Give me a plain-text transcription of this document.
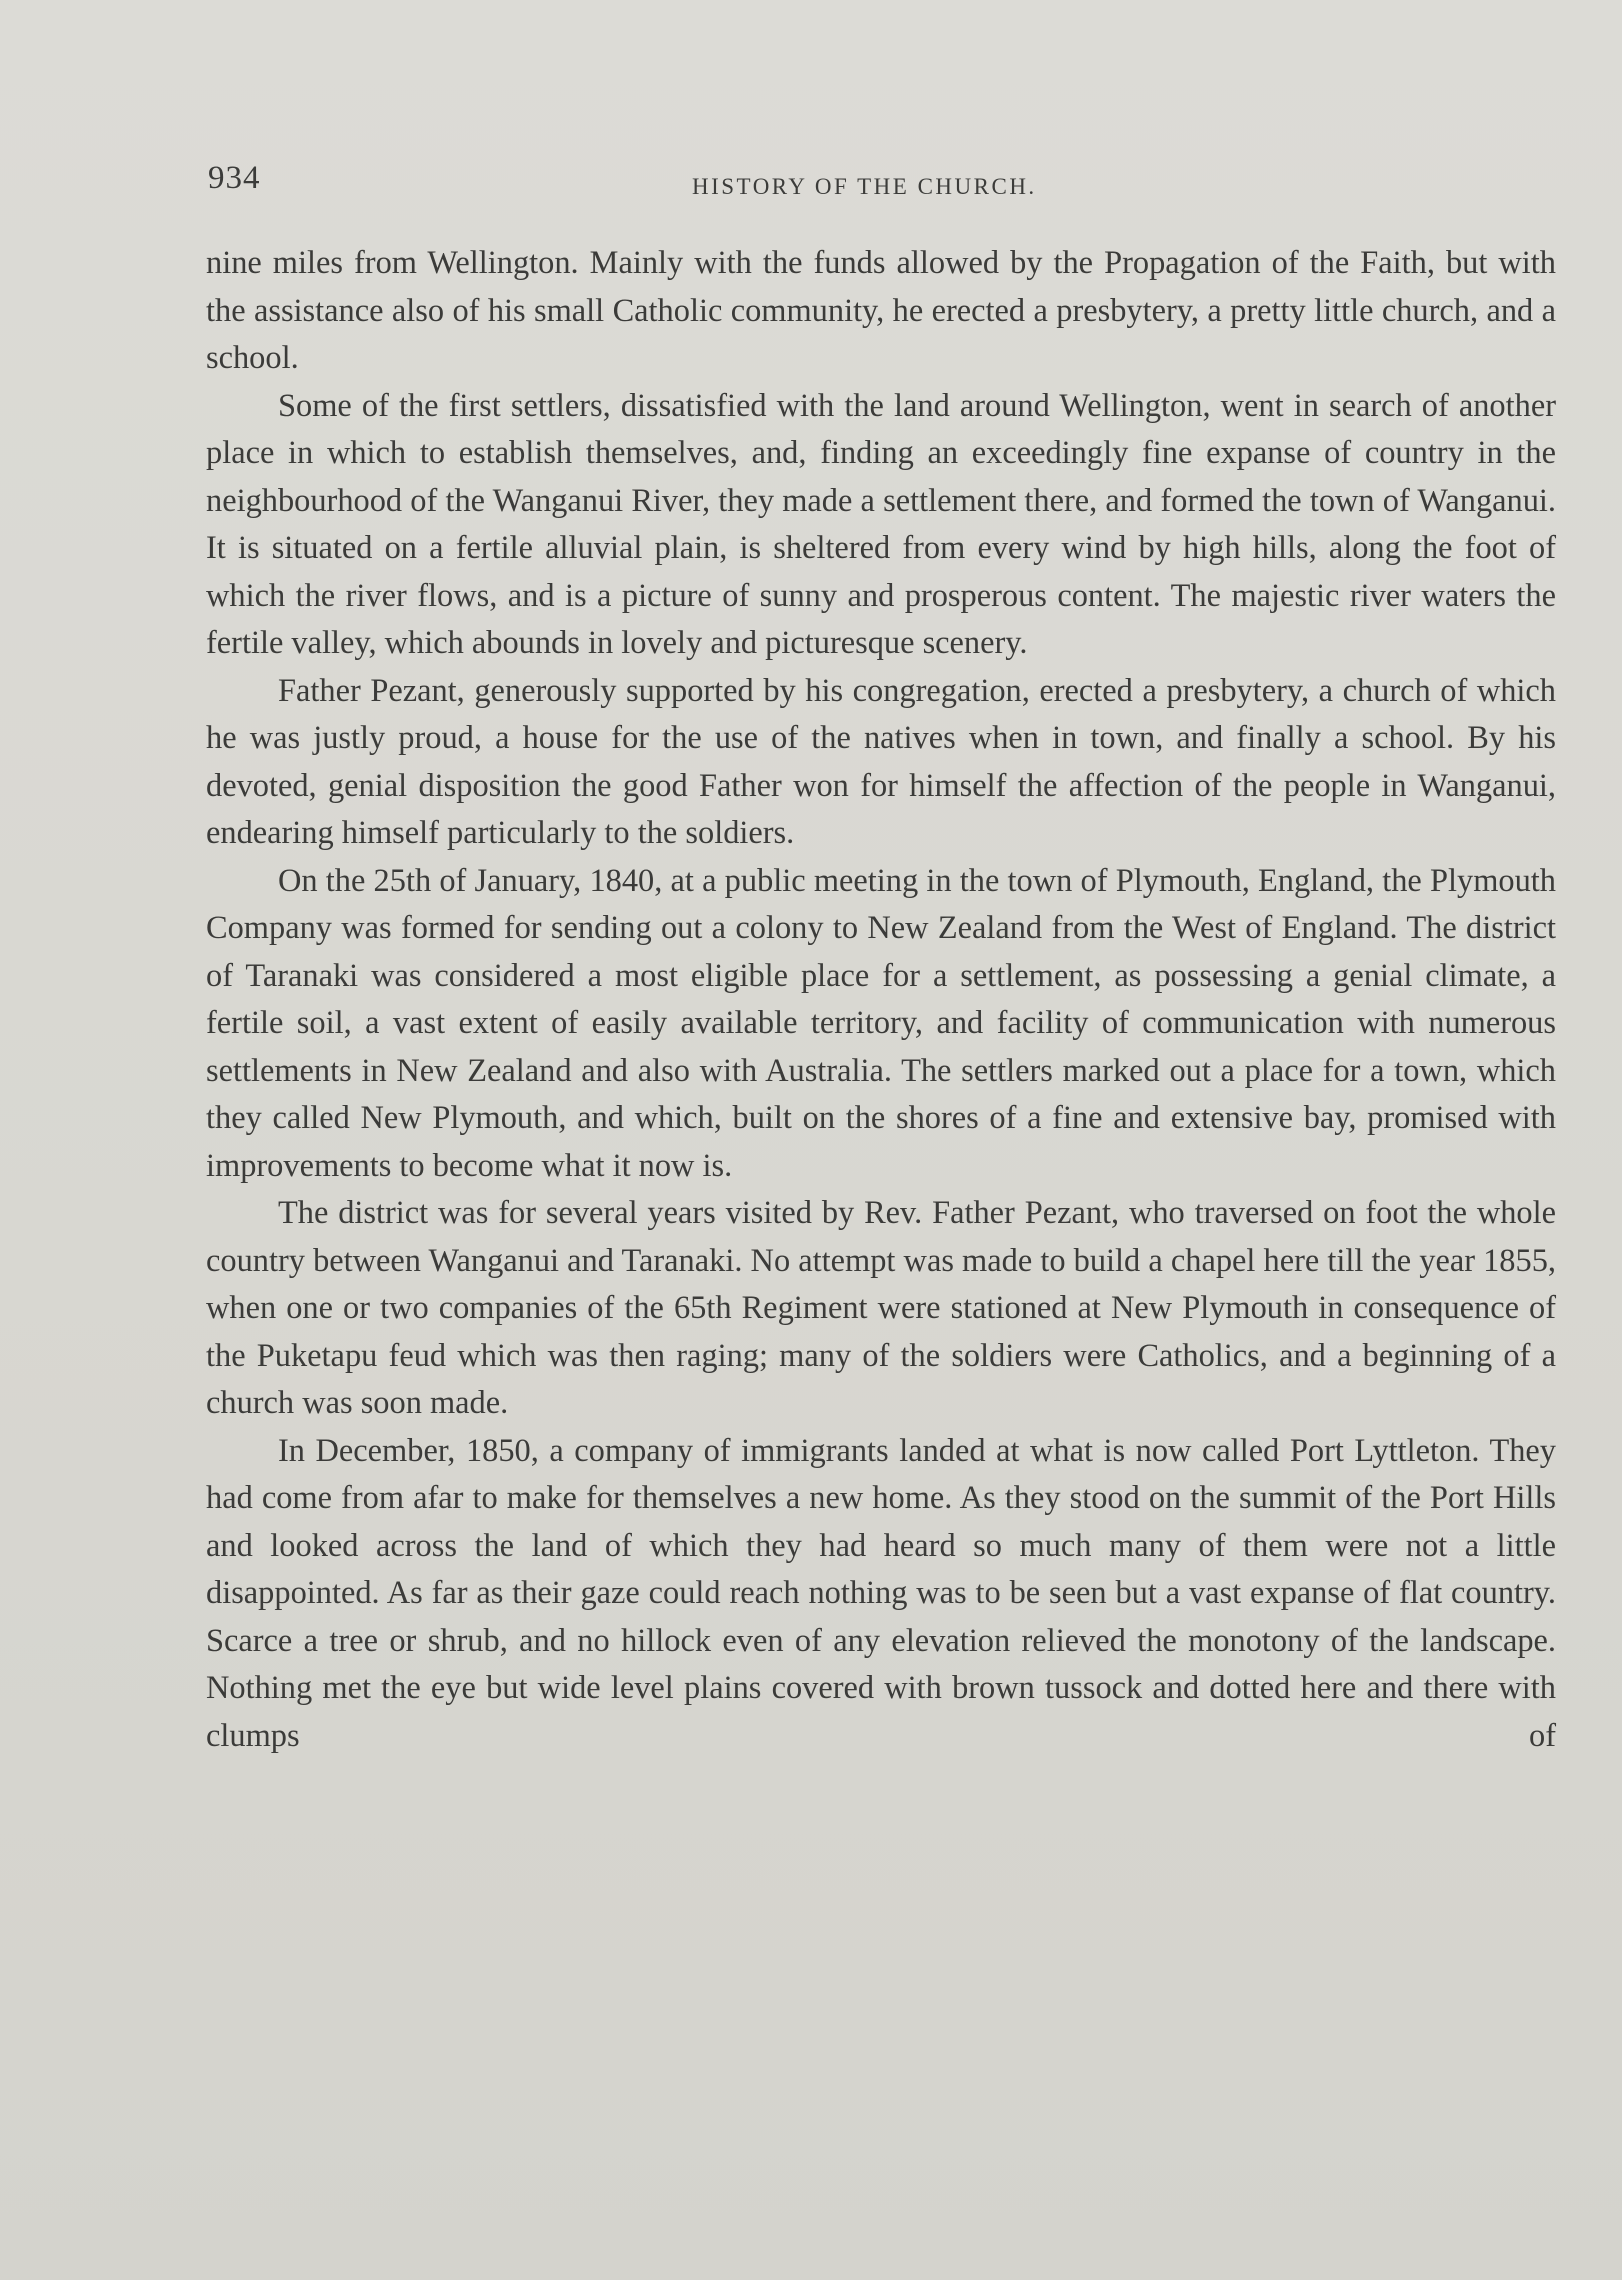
934	HISTORY OF THE CHURCH.

nine miles from Wellington. Mainly with the funds allowed by the Propagation of the Faith, but with the assistance also of his small Catholic community, he erected a presbytery, a pretty little church, and a school.

Some of the first settlers, dissatisfied with the land around Wellington, went in search of another place in which to establish themselves, and, finding an exceedingly fine expanse of country in the neighbourhood of the Wanganui River, they made a settlement there, and formed the town of Wanganui. It is situated on a fertile alluvial plain, is sheltered from every wind by high hills, along the foot of which the river flows, and is a picture of sunny and prosperous content. The majestic river waters the fertile valley, which abounds in lovely and picturesque scenery.

Father Pezant, generously supported by his congregation, erected a presbytery, a church of which he was justly proud, a house for the use of the natives when in town, and finally a school. By his devoted, genial disposition the good Father won for himself the affection of the people in Wanganui, endearing himself particularly to the soldiers.

On the 25th of January, 1840, at a public meeting in the town of Plymouth, England, the Plymouth Company was formed for sending out a colony to New Zealand from the West of England. The district of Taranaki was considered a most eligible place for a settlement, as possessing a genial climate, a fertile soil, a vast extent of easily available territory, and facility of communication with numerous settlements in New Zealand and also with Australia. The settlers marked out a place for a town, which they called New Plymouth, and which, built on the shores of a fine and extensive bay, promised with improvements to become what it now is.

The district was for several years visited by Rev. Father Pezant, who traversed on foot the whole country between Wanganui and Taranaki. No attempt was made to build a chapel here till the year 1855, when one or two companies of the 65th Regiment were stationed at New Plymouth in consequence of the Puketapu feud which was then raging; many of the soldiers were Catholics, and a beginning of a church was soon made.

In December, 1850, a company of immigrants landed at what is now called Port Lyttleton. They had come from afar to make for themselves a new home. As they stood on the summit of the Port Hills and looked across the land of which they had heard so much many of them were not a little disappointed. As far as their gaze could reach nothing was to be seen but a vast expanse of flat country. Scarce a tree or shrub, and no hillock even of any elevation relieved the monotony of the landscape. Nothing met the eye but wide level plains covered with brown tussock and dotted here and there with clumps of
